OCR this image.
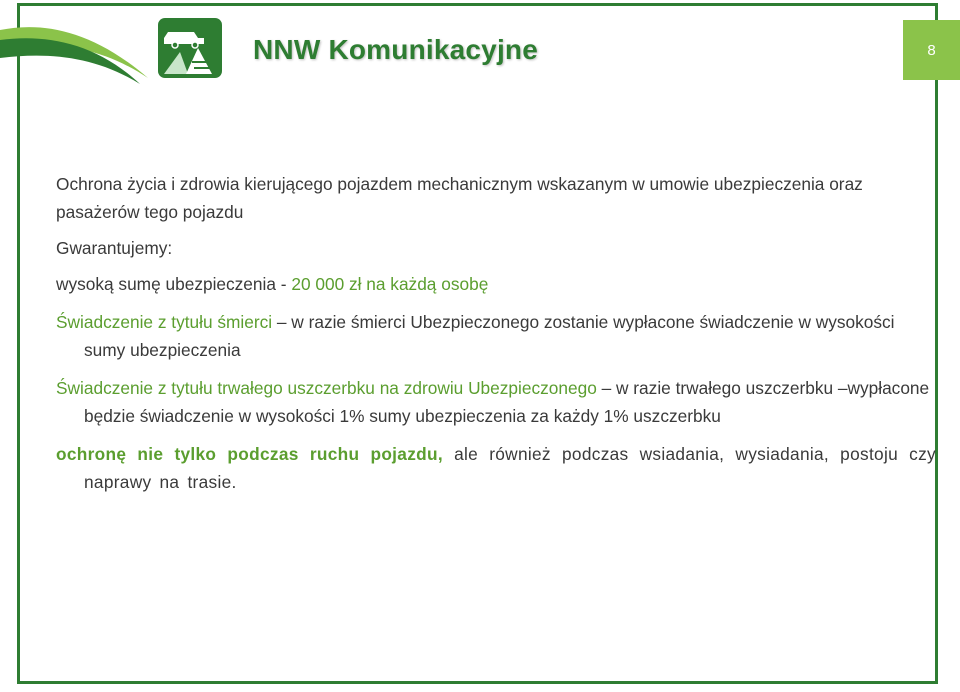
NNW Komunikacyjne	8

Ochrona życia i zdrowia kierującego pojazdem mechanicznym wskazanym w umowie ubezpieczenia oraz pasażerów tego pojazdu

Gwarantujemy:

wysoką sumę ubezpieczenia - 20 000 zł na każdą osobę

Świadczenie z tytułu śmierci – w razie śmierci Ubezpieczonego zostanie wypłacone świadczenie w wysokości sumy ubezpieczenia

Świadczenie z tytułu trwałego uszczerbku na zdrowiu Ubezpieczonego – w razie trwałego uszczerbku –wypłacone będzie świadczenie w wysokości 1% sumy ubezpieczenia za każdy 1% uszczerbku

ochronę nie tylko podczas ruchu pojazdu, ale również podczas wsiadania, wysiadania, postoju czy naprawy na trasie.
